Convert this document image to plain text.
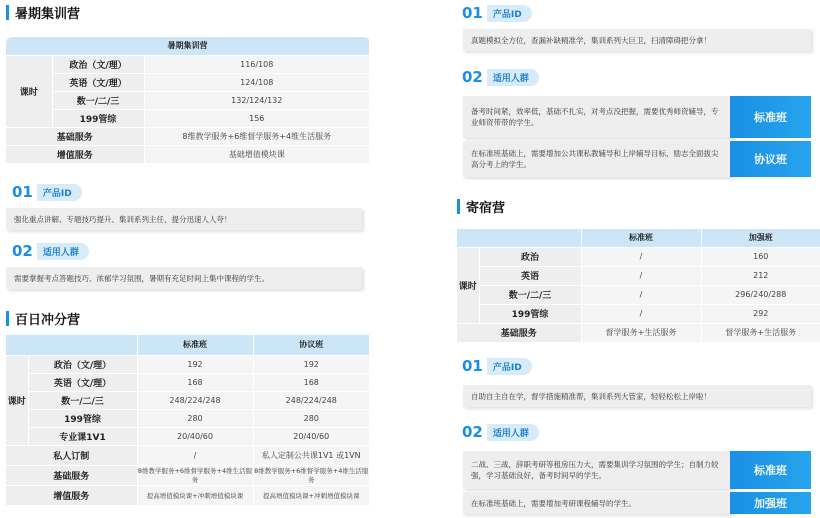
暑期集训营
暑期集训营		
课时	政治（文/理）	116/108
	英语（文/理）	124/108
	数一/二/三	132/124/132
	199管综	156
基础服务		8维教学服务+6维督学服务+4维生活服务
增值服务		基础增值模块课
01	产品ID
强化重点讲解、专题技巧提升、集训系列主任、提分迅速人人夸！
02	适用人群
需要掌握考点答题技巧、浓郁学习氛围，暑期有充足时间上集中课程的学生。
百日冲分营
		标准班	协议班
课时	政治（文/理）	192	192
	英语（文/理）	168	168
	数一/二/三	248/224/248	248/224/248
	199管综	280	280
	专业课1V1	20/40/60	20/40/60
私人订制		/	私人定制公共课1V1 或1VN
基础服务		8维教学服务+6维督学服务+4维生活服务	8维教学服务+6维督学服务+4维生活服务
增值服务		提高增值模块课+冲刺增值模块课	提高增值模块课+冲刺增值模块课
01	产品ID
真题模拟全方位，查漏补缺精准学，集训系列大巨卫，扫清障碍把分拿！
02	适用人群
备考时间紧，效率低，基础不扎实，对考点没把握，需要优秀师资辅导，专业师资带带的学生。	标准班
在标准班基础上，需要增加公共课私教辅导和上岸辅导目标，励志全面拔尖高分考上的学生。	协议班
寄宿营
		标准班	加强班
课时	政治	/	160
	英语	/	212
	数一/二/三	/	296/240/288
	199管综	/	292
基础服务		督学服务+生活服务	督学服务+生活服务
01	产品ID
自助自主自在学，督学措施精准帮，集训系列大管家，轻轻松松上岸啦！
02	适用人群
二战、三战，辞职考研等租房压力大，需要集训学习氛围的学生；自制力较强，学习基础良好，备考时间早的学生。	标准班
在标准班基础上，需要增加考研课程辅导的学生。	加强班
